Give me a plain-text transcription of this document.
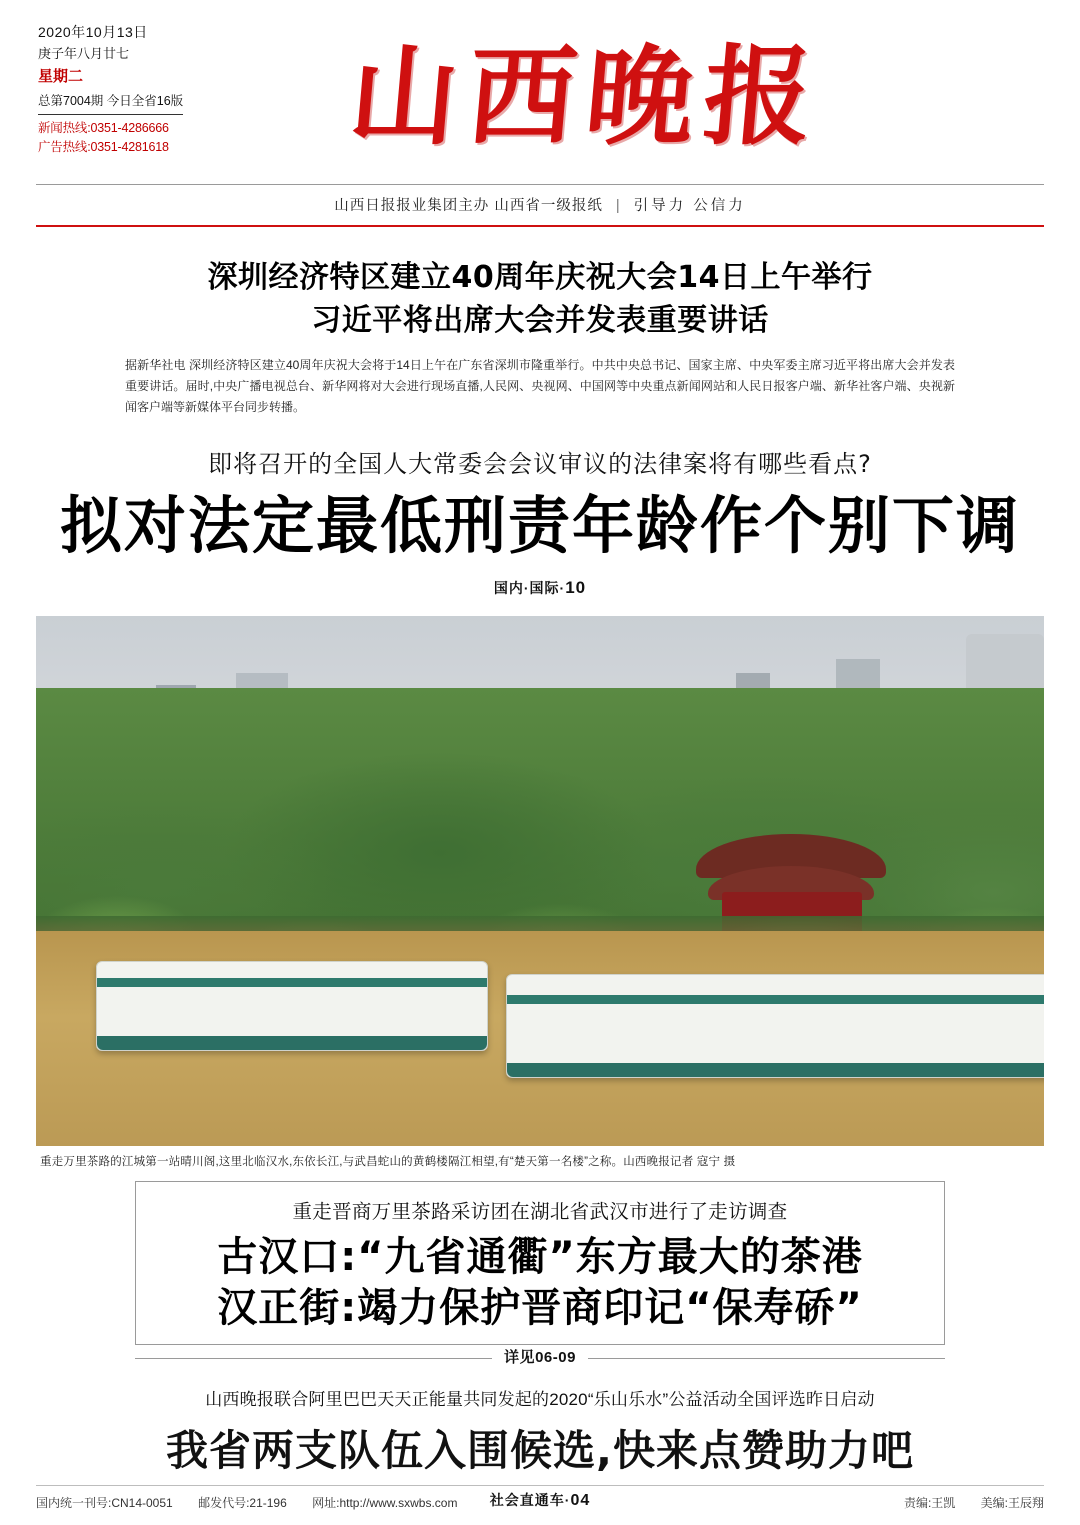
2020年10月13日
庚子年八月廿七
星期二
总第7004期 今日全省16版
新闻热线:0351-4286666
广告热线:0351-4281618	山西晚报
山西日报报业集团主办 山西省一级报纸 | 引导力 公信力
深圳经济特区建立40周年庆祝大会14日上午举行
习近平将出席大会并发表重要讲话
据新华社电 深圳经济特区建立40周年庆祝大会将于14日上午在广东省深圳市隆重举行。中共中央总书记、国家主席、中央军委主席习近平将出席大会并发表重要讲话。届时,中央广播电视总台、新华网将对大会进行现场直播,人民网、央视网、中国网等中央重点新闻网站和人民日报客户端、新华社客户端、央视新闻客户端等新媒体平台同步转播。
即将召开的全国人大常委会会议审议的法律案将有哪些看点?
拟对法定最低刑责年龄作个别下调
国内·国际·10
重走万里茶路的江城第一站晴川阁,这里北临汉水,东依长江,与武昌蛇山的黄鹤楼隔江相望,有“楚天第一名楼”之称。山西晚报记者 寇宁 摄
重走晋商万里茶路采访团在湖北省武汉市进行了走访调查
古汉口:“九省通衢”东方最大的茶港
汉正街:竭力保护晋商印记“保寿硚”
详见06-09
山西晚报联合阿里巴巴天天正能量共同发起的2020“乐山乐水”公益活动全国评选昨日启动
我省两支队伍入围候选,快来点赞助力吧
社会直通车·04
国内统一刊号:CN14-0051 邮发代号:21-196 网址:http://www.sxwbs.com	责编:王凯 美编:王辰翔
